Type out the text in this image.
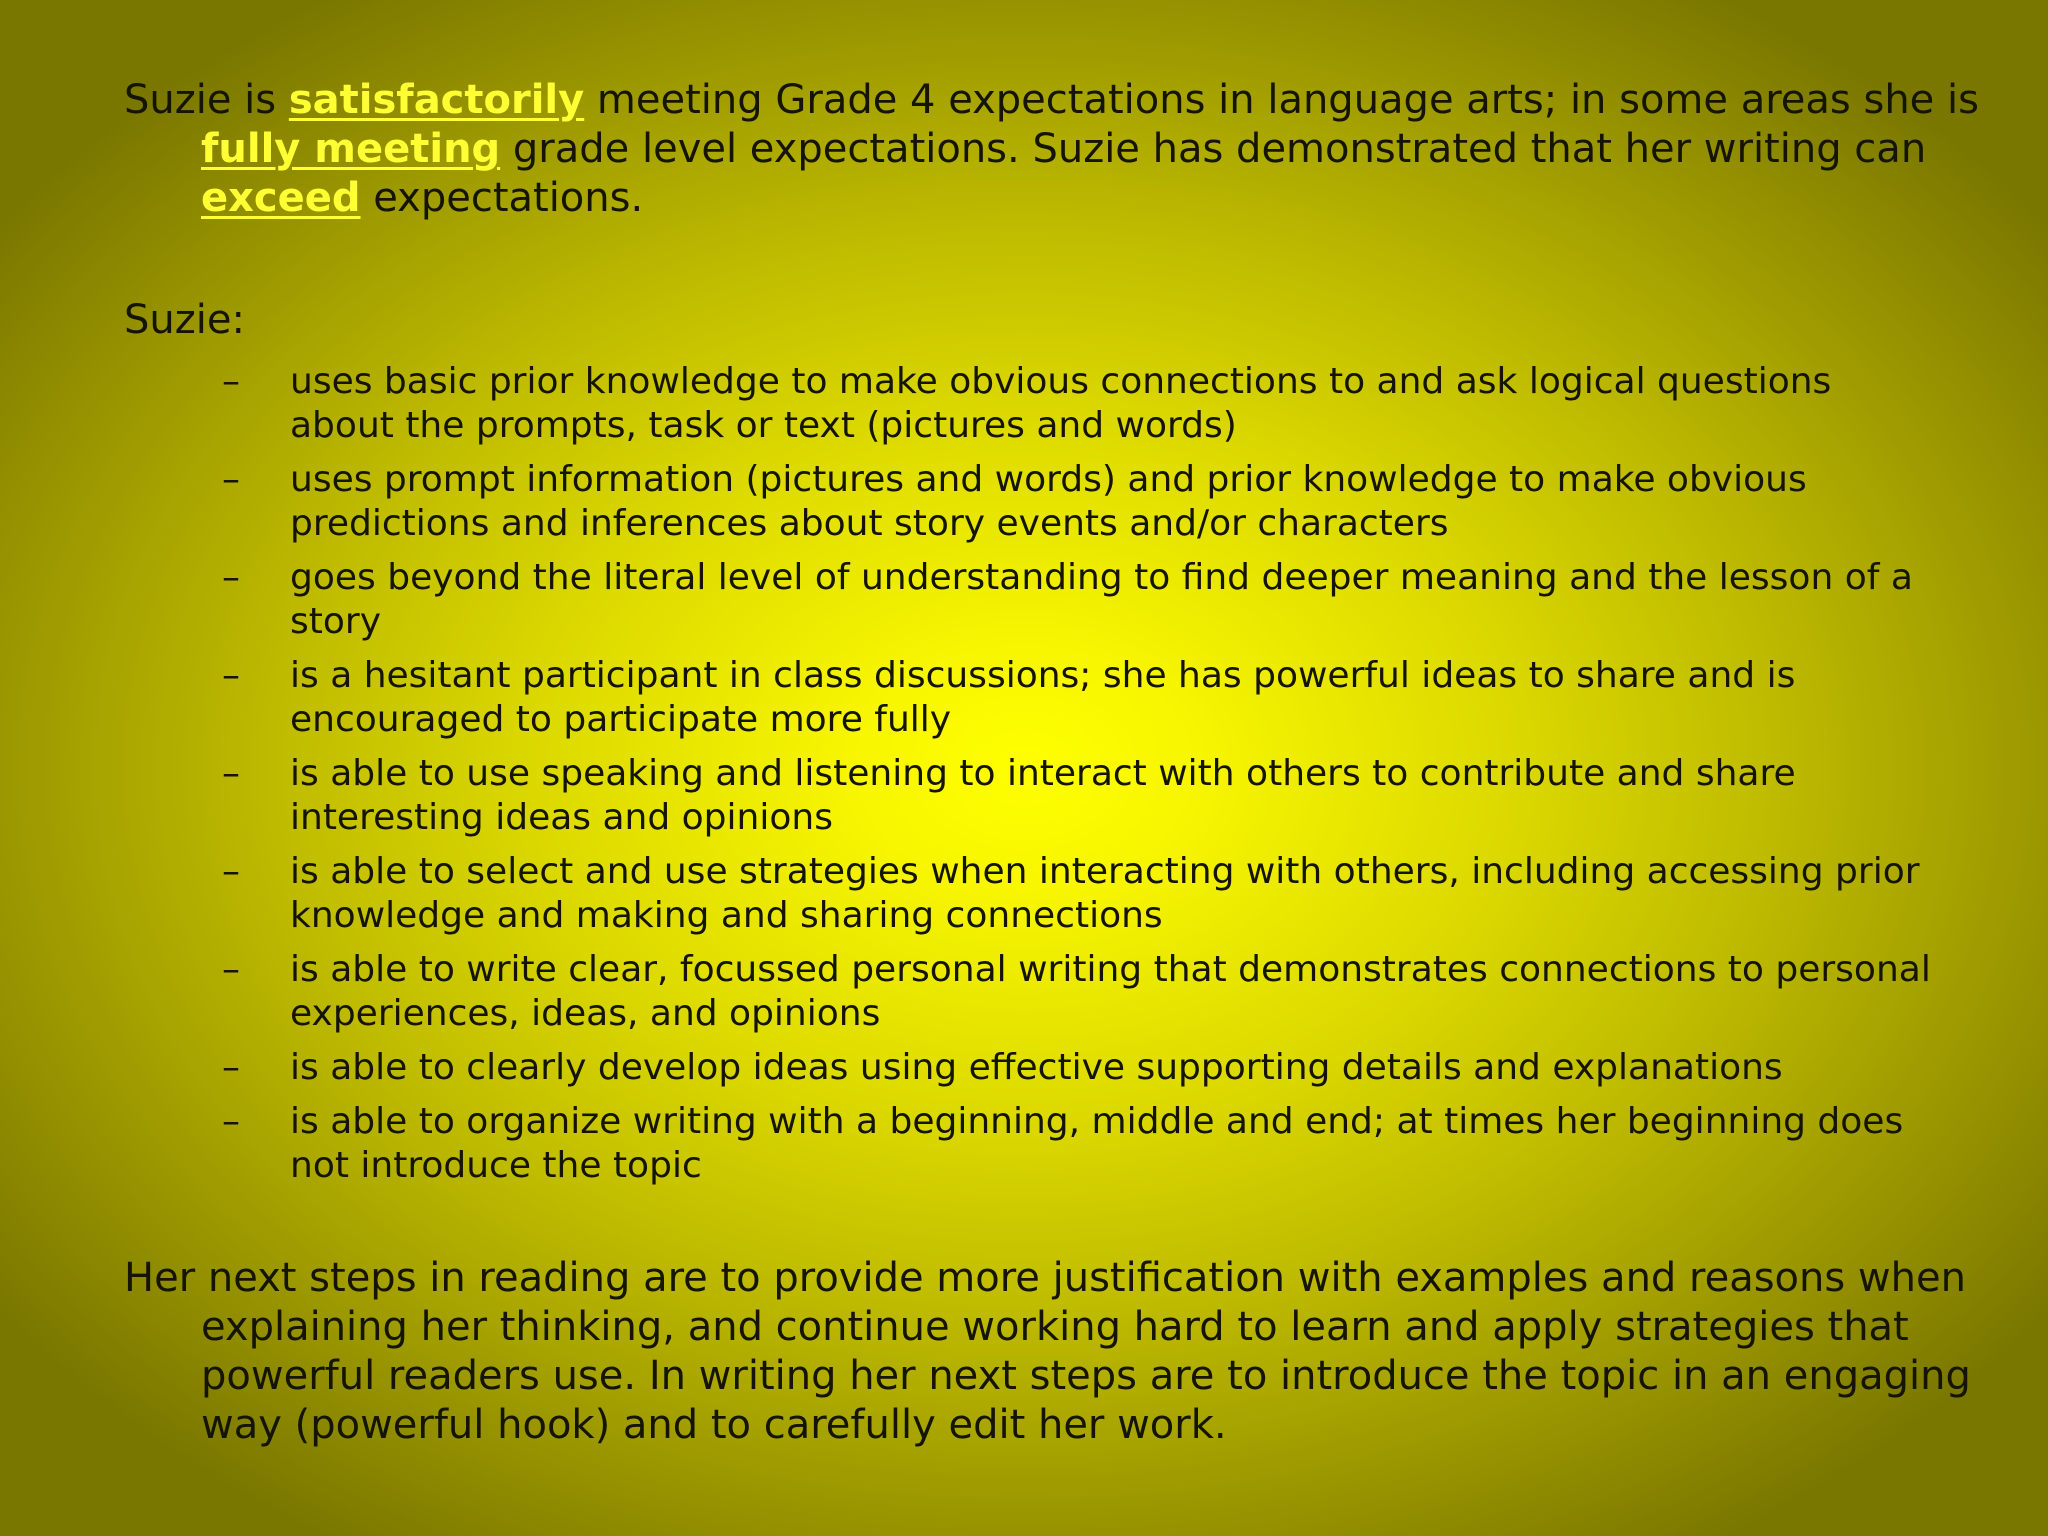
Suzie is satisfactorily meeting Grade 4 expectations in language arts; in some areas she is fully meeting grade level expectations. Suzie has demonstrated that her writing can exceed expectations.

Suzie:

– uses basic prior knowledge to make obvious connections to and ask logical questions about the prompts, task or text (pictures and words)
– uses prompt information (pictures and words) and prior knowledge to make obvious predictions and inferences about story events and/or characters
– goes beyond the literal level of understanding to find deeper meaning and the lesson of a story
– is a hesitant participant in class discussions; she has powerful ideas to share and is encouraged to participate more fully
– is able to use speaking and listening to interact with others to contribute and share interesting ideas and opinions
– is able to select and use strategies when interacting with others, including accessing prior knowledge and making and sharing connections
– is able to write clear, focussed personal writing that demonstrates connections to personal experiences, ideas, and opinions
– is able to clearly develop ideas using effective supporting details and explanations
– is able to organize writing with a beginning, middle and end; at times her beginning does not introduce the topic

Her next steps in reading are to provide more justification with examples and reasons when explaining her thinking, and continue working hard to learn and apply strategies that powerful readers use. In writing her next steps are to introduce the topic in an engaging way (powerful hook) and to carefully edit her work.
